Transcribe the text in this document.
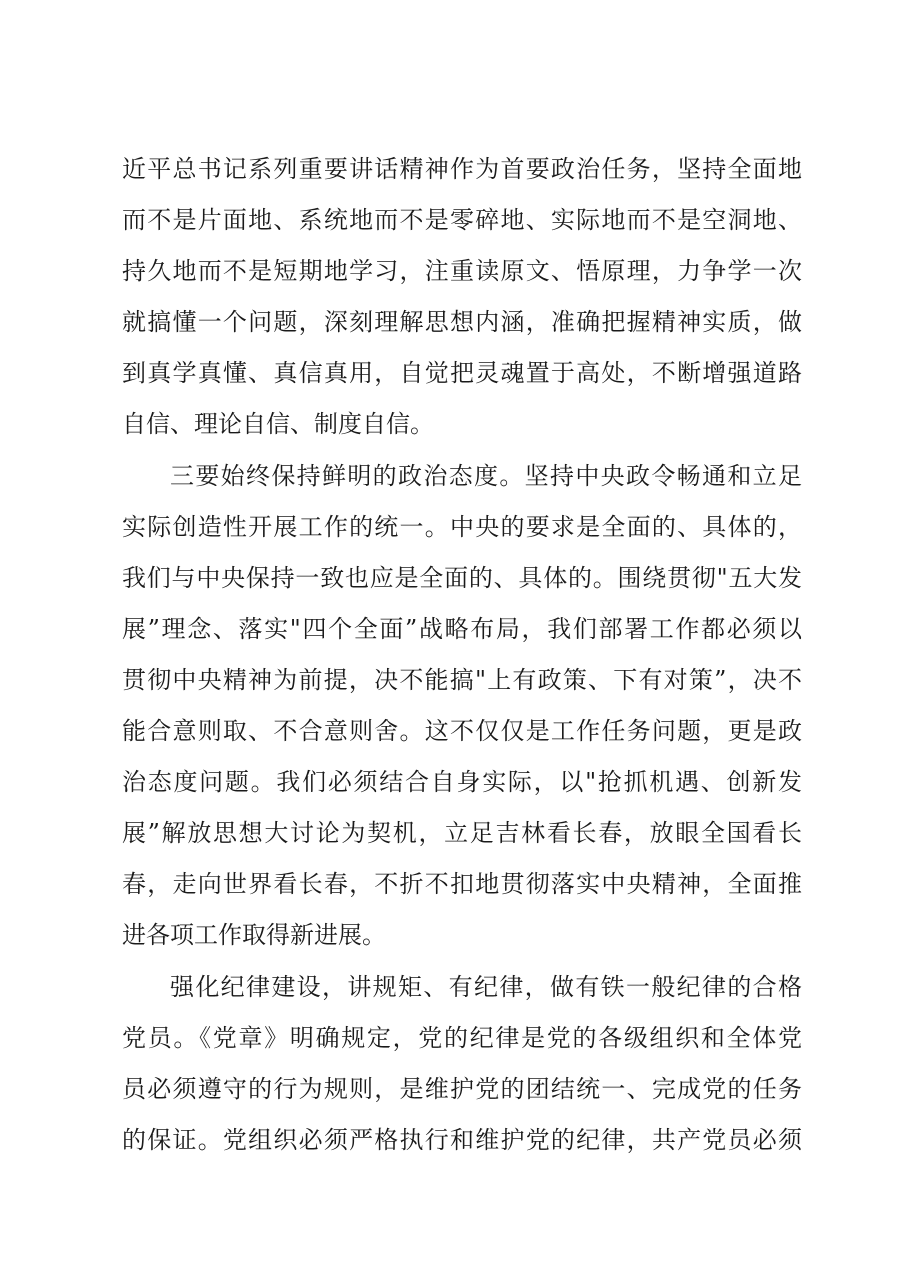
近平总书记系列重要讲话精神作为首要政治任务，坚持全面地
而不是片面地、系统地而不是零碎地、实际地而不是空洞地、
持久地而不是短期地学习，注重读原文、悟原理，力争学一次
就搞懂一个问题，深刻理解思想内涵，准确把握精神实质，做
到真学真懂、真信真用，自觉把灵魂置于高处，不断增强道路
自信、理论自信、制度自信。
三要始终保持鲜明的政治态度。坚持中央政令畅通和立足
实际创造性开展工作的统一。中央的要求是全面的、具体的，
我们与中央保持一致也应是全面的、具体的。围绕贯彻"五大发
展”理念、落实"四个全面”战略布局，我们部署工作都必须以
贯彻中央精神为前提，决不能搞"上有政策、下有对策”，决不
能合意则取、不合意则舍。这不仅仅是工作任务问题，更是政
治态度问题。我们必须结合自身实际，以"抢抓机遇、创新发
展”解放思想大讨论为契机，立足吉林看长春，放眼全国看长
春，走向世界看长春，不折不扣地贯彻落实中央精神，全面推
进各项工作取得新进展。
强化纪律建设，讲规矩、有纪律，做有铁一般纪律的合格
党员。《党章》明确规定，党的纪律是党的各级组织和全体党
员必须遵守的行为规则，是维护党的团结统一、完成党的任务
的保证。党组织必须严格执行和维护党的纪律，共产党员必须
